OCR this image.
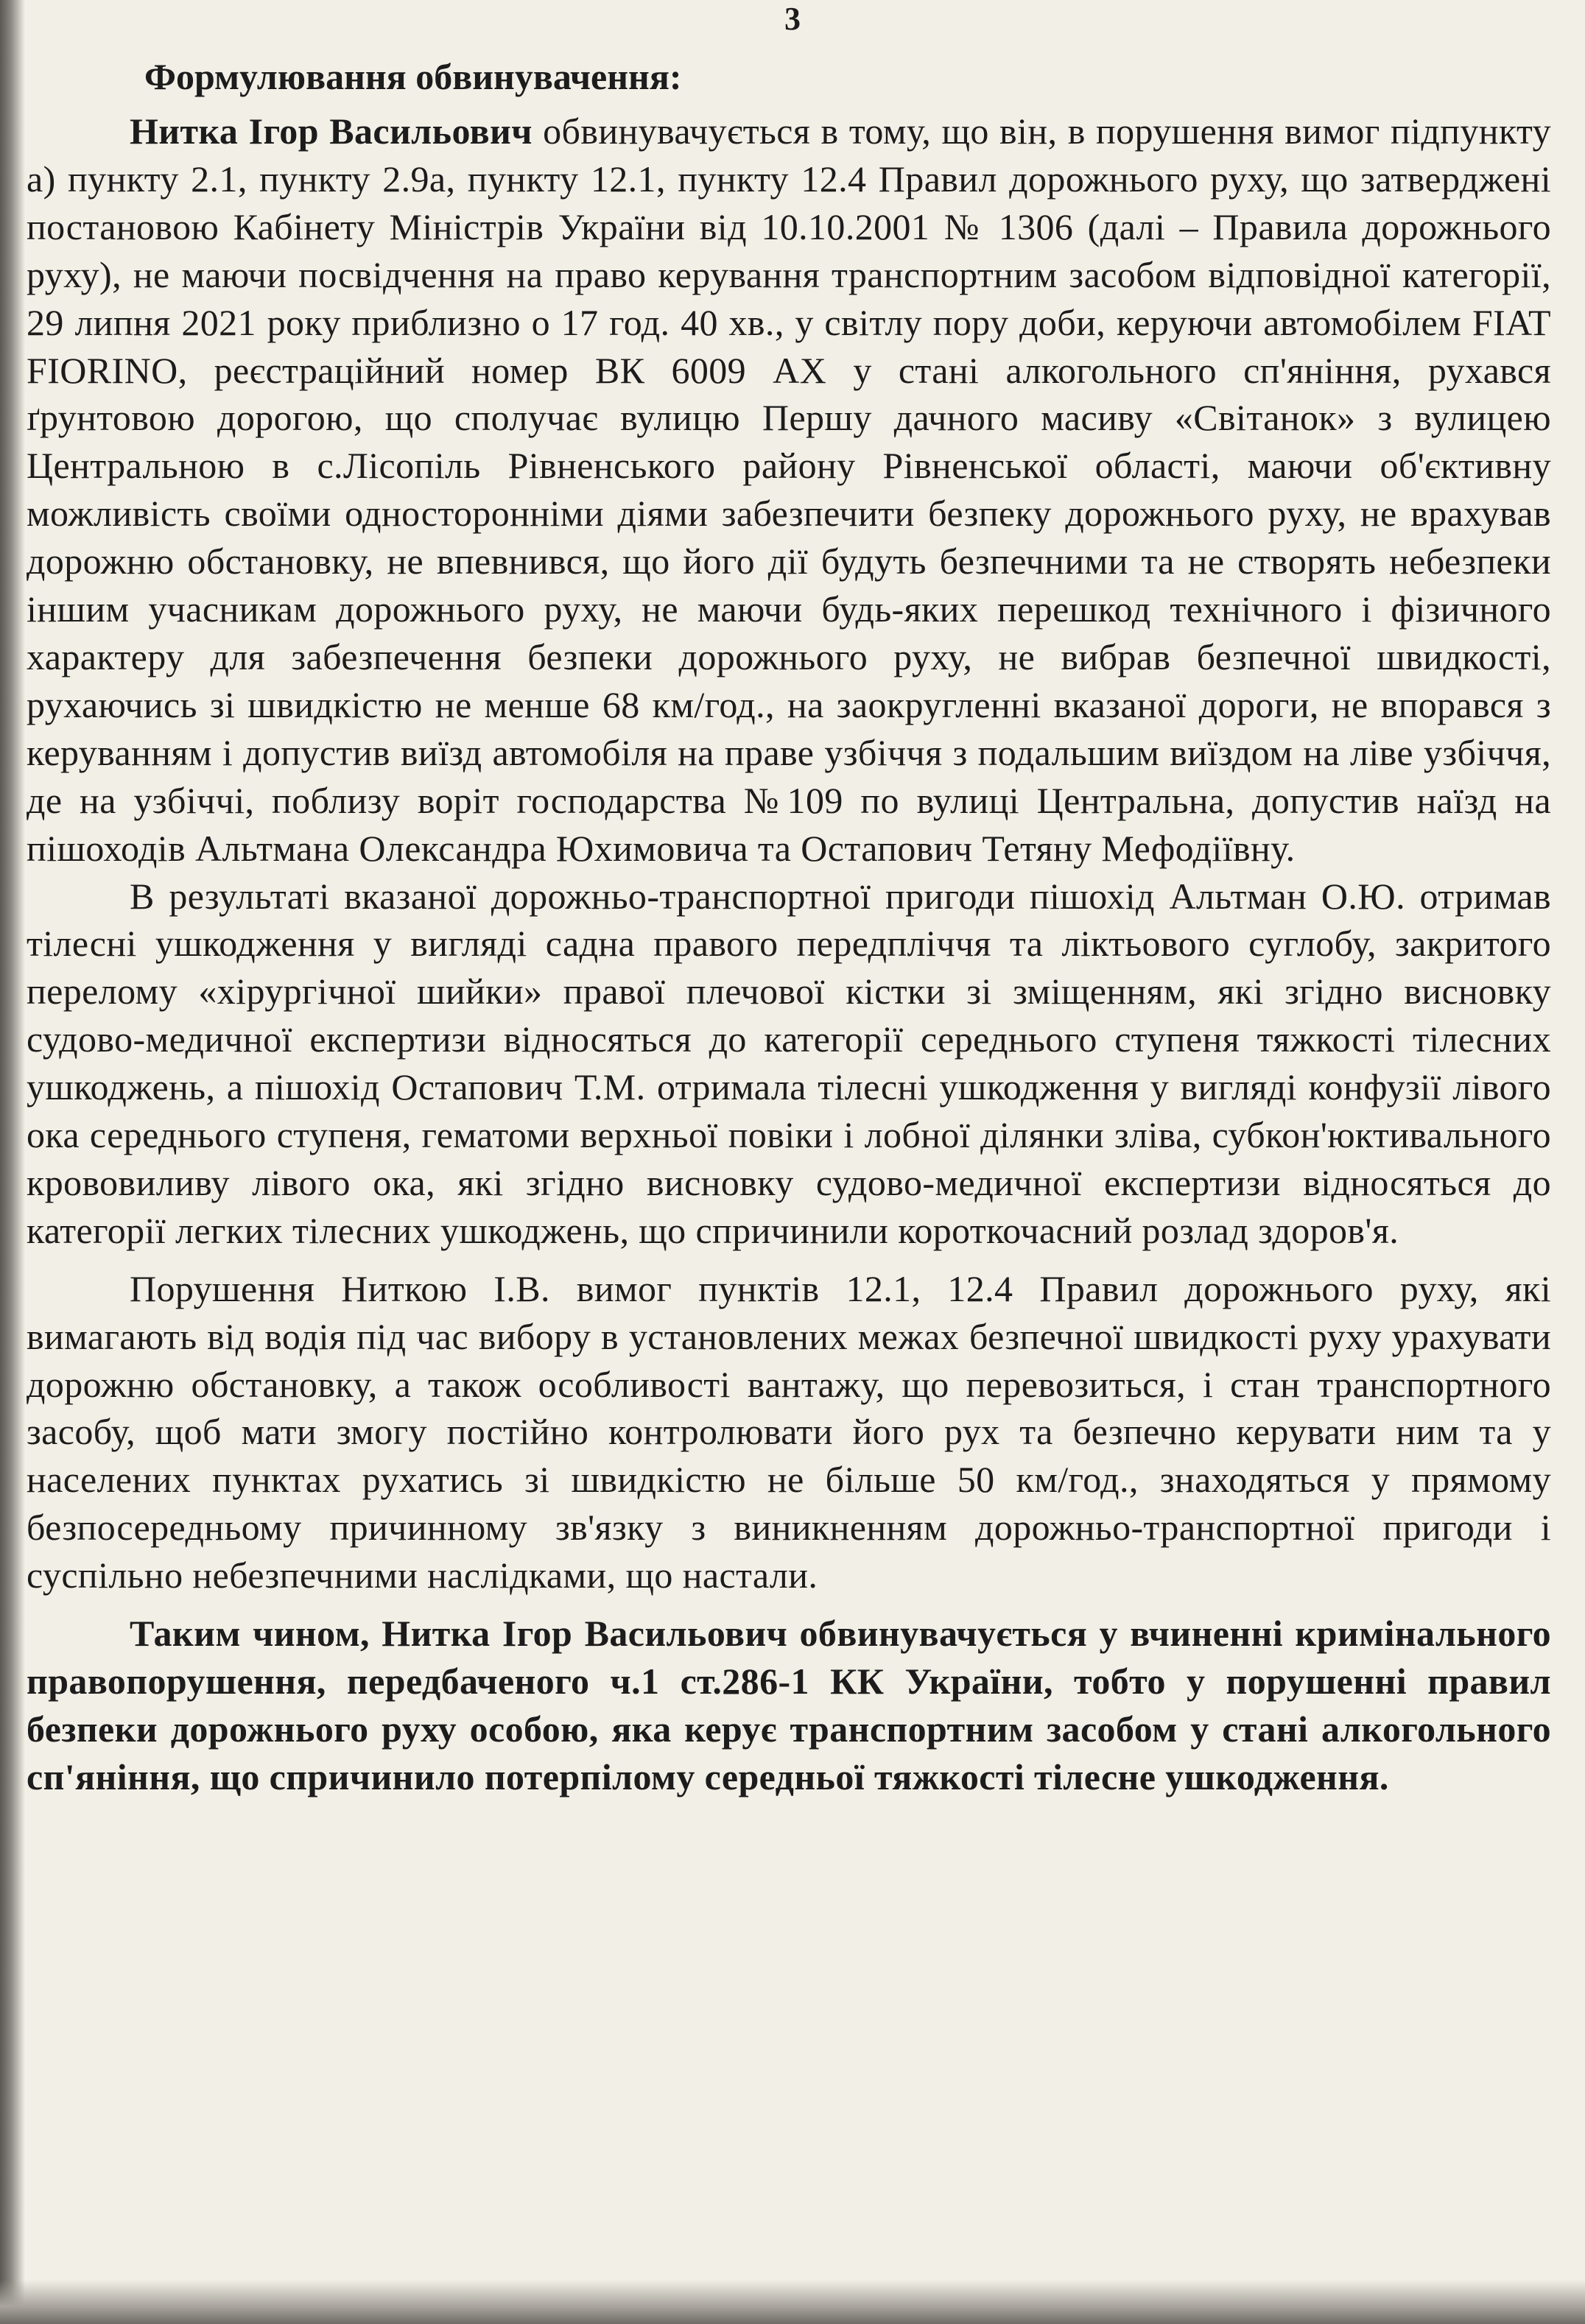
3

Формулювання обвинувачення:

Нитка Ігор Васильович обвинувачується в тому, що він, в порушення вимог підпункту а) пункту 2.1, пункту 2.9а, пункту 12.1, пункту 12.4 Правил дорожнього руху, що затверджені постановою Кабінету Міністрів України від 10.10.2001 № 1306 (далі – Правила дорожнього руху), не маючи посвідчення на право керування транспортним засобом відповідної категорії, 29 липня 2021 року приблизно о 17 год. 40 хв., у світлу пору доби, керуючи автомобілем FIAT FIORINO, реєстраційний номер ВК 6009 АХ у стані алкогольного сп'яніння, рухався ґрунтовою дорогою, що сполучає вулицю Першу дачного масиву «Світанок» з вулицею Центральною в с.Лісопіль Рівненського району Рівненської області, маючи об'єктивну можливість своїми односторонніми діями забезпечити безпеку дорожнього руху, не врахував дорожню обстановку, не впевнився, що його дії будуть безпечними та не створять небезпеки іншим учасникам дорожнього руху, не маючи будь-яких перешкод технічного і фізичного характеру для забезпечення безпеки дорожнього руху, не вибрав безпечної швидкості, рухаючись зі швидкістю не менше 68 км/год., на заокругленні вказаної дороги, не впорався з керуванням і допустив виїзд автомобіля на праве узбіччя з подальшим виїздом на ліве узбіччя, де на узбіччі, поблизу воріт господарства №109 по вулиці Центральна, допустив наїзд на пішоходів Альтмана Олександра Юхимовича та Остапович Тетяну Мефодіївну.

В результаті вказаної дорожньо-транспортної пригоди пішохід Альтман О.Ю. отримав тілесні ушкодження у вигляді садна правого передпліччя та ліктьового суглобу, закритого перелому «хірургічної шийки» правої плечової кістки зі зміщенням, які згідно висновку судово-медичної експертизи відносяться до категорії середнього ступеня тяжкості тілесних ушкоджень, а пішохід Остапович Т.М. отримала тілесні ушкодження у вигляді конфузії лівого ока середнього ступеня, гематоми верхньої повіки і лобної ділянки зліва, субкон'юктивального крововиливу лівого ока, які згідно висновку судово-медичної експертизи відносяться до категорії легких тілесних ушкоджень, що спричинили короткочасний розлад здоров'я.

Порушення Ниткою І.В. вимог пунктів 12.1, 12.4 Правил дорожнього руху, які вимагають від водія під час вибору в установлених межах безпечної швидкості руху урахувати дорожню обстановку, а також особливості вантажу, що перевозиться, і стан транспортного засобу, щоб мати змогу постійно контролювати його рух та безпечно керувати ним та у населених пунктах рухатись зі швидкістю не більше 50 км/год., знаходяться у прямому безпосередньому причинному зв'язку з виникненням дорожньо-транспортної пригоди і суспільно небезпечними наслідками, що настали.

Таким чином, Нитка Ігор Васильович обвинувачується у вчиненні кримінального правопорушення, передбаченого ч.1 ст.286-1 КК України, тобто у порушенні правил безпеки дорожнього руху особою, яка керує транспортним засобом у стані алкогольного сп'яніння, що спричинило потерпілому середньої тяжкості тілесне ушкодження.
